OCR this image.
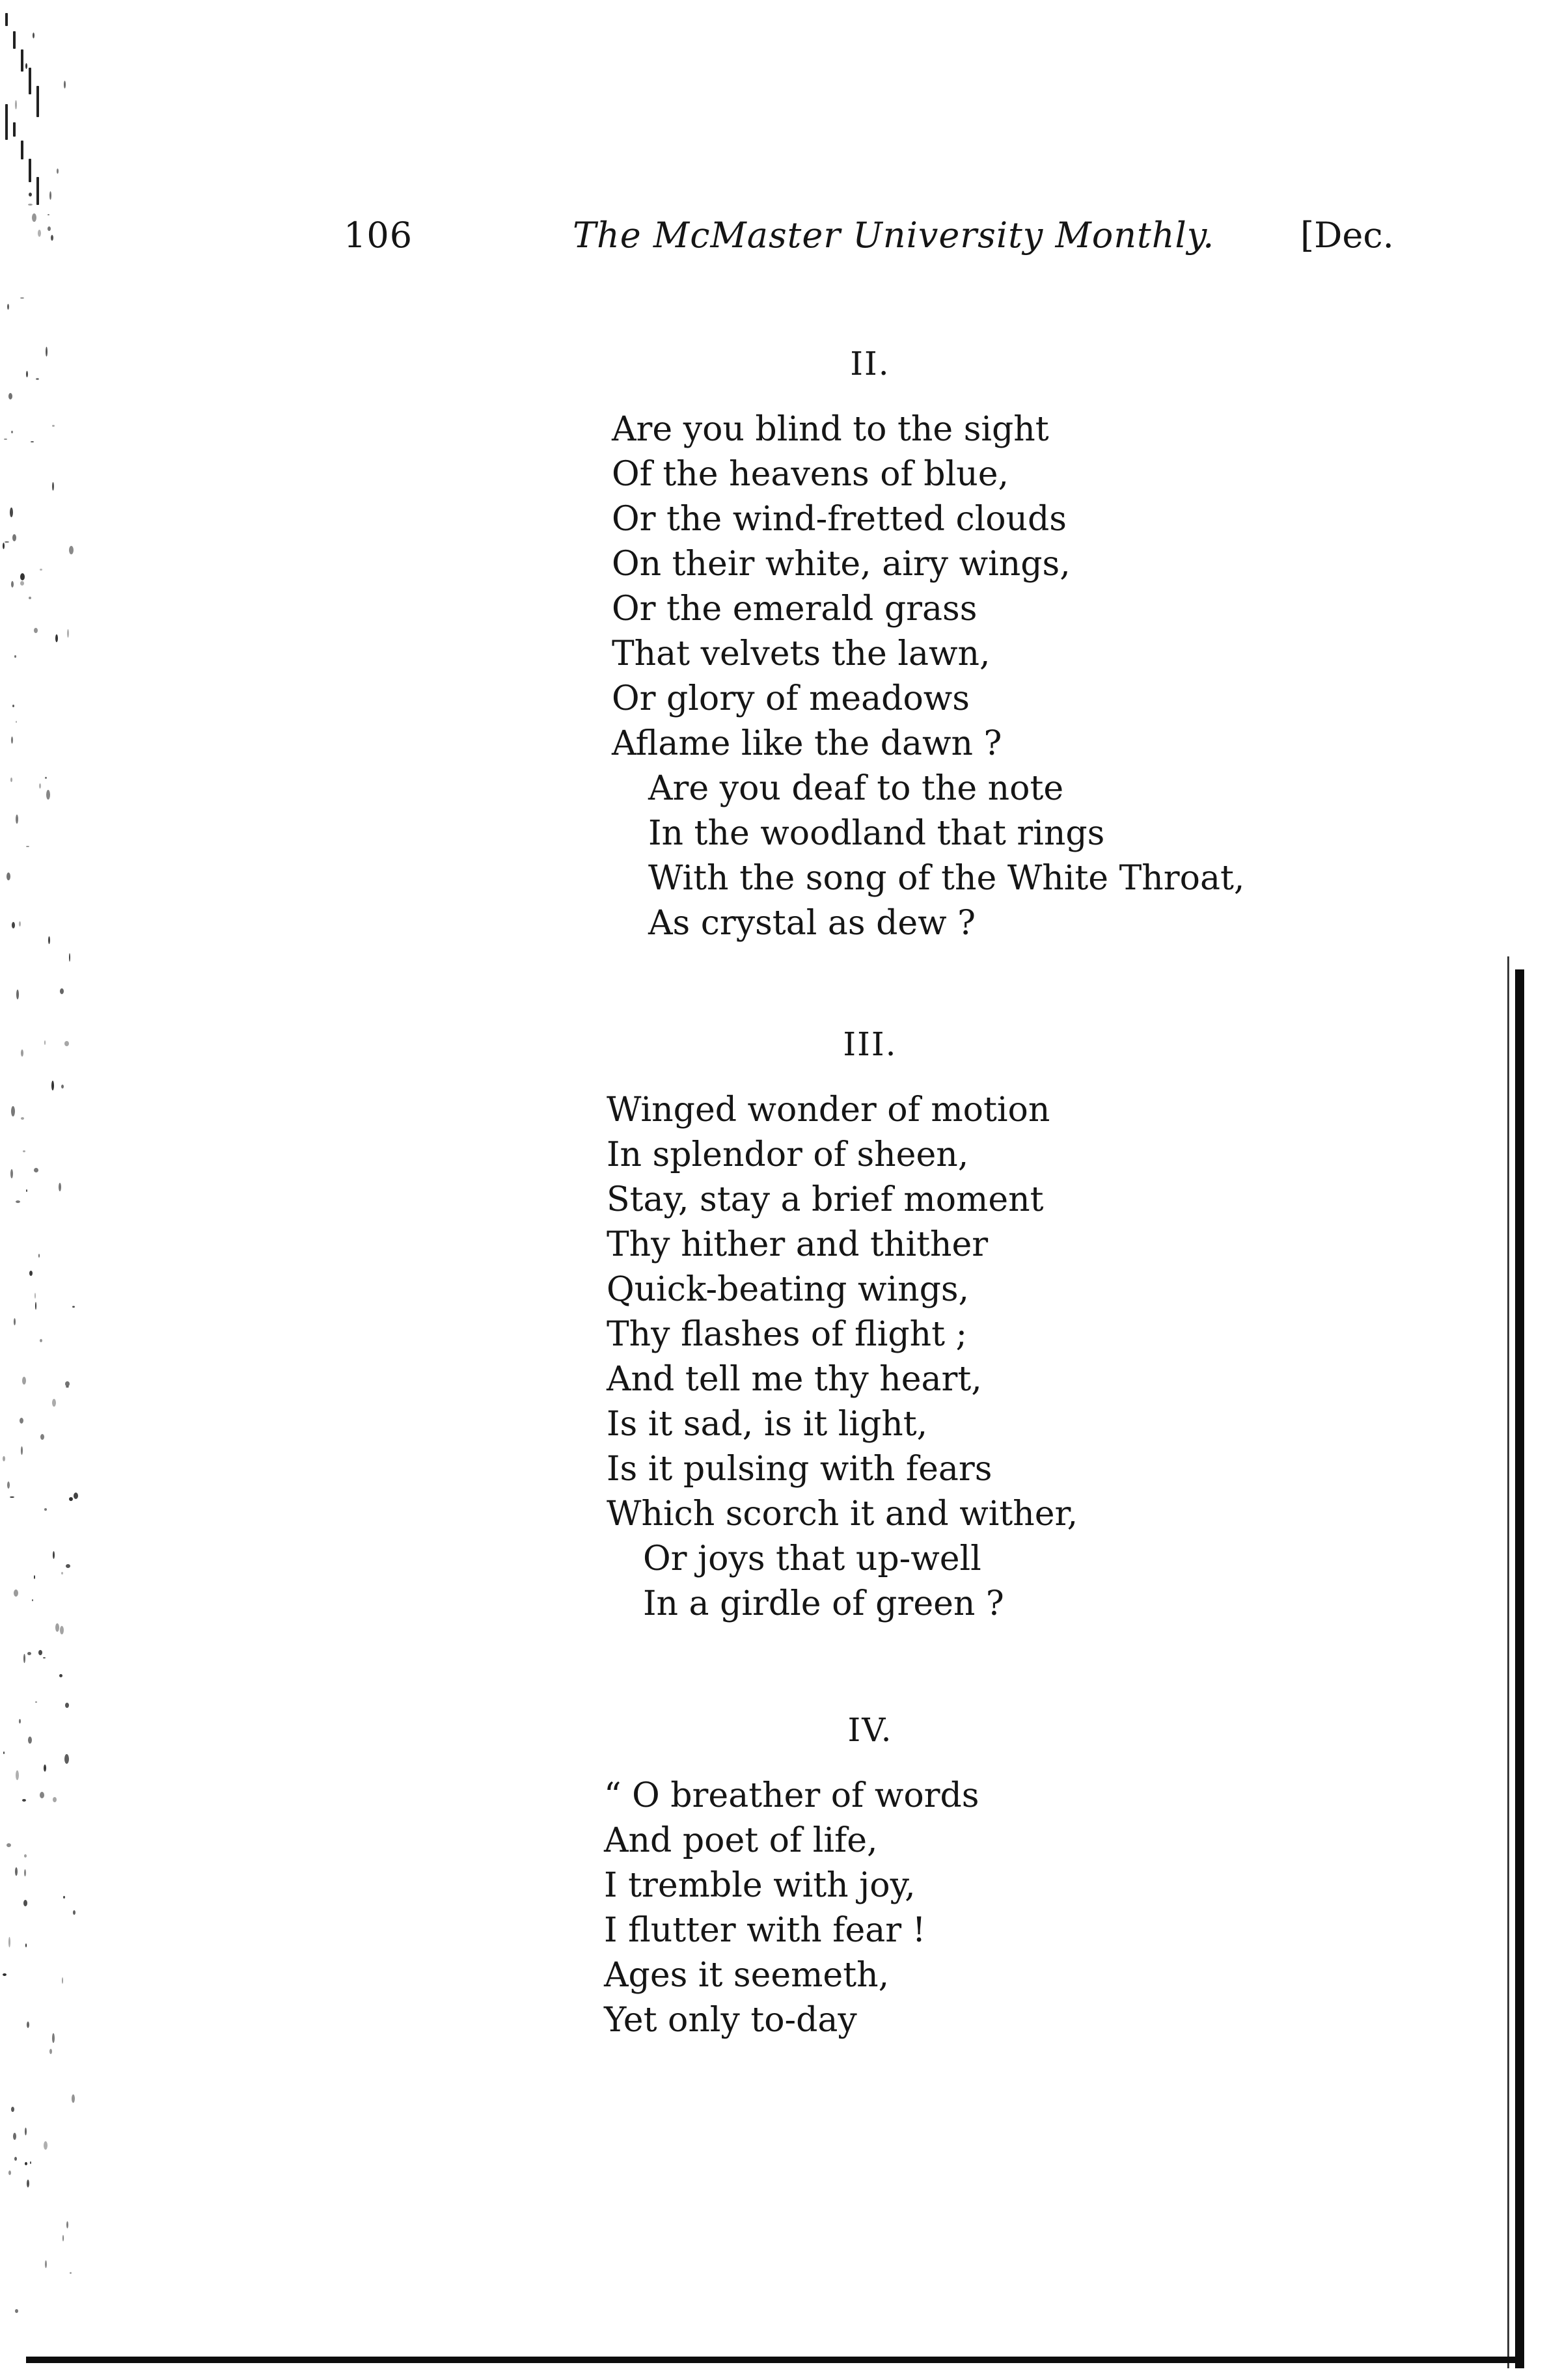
106	The McMaster University Monthly. [Dec.
II.
Are you blind to the sight
Of the heavens of blue,
Or the wind-fretted clouds
On their white, airy wings,
Or the emerald grass
That velvets the lawn,
Or glory of meadows
Aflame like the dawn ?
Are you deaf to the note
In the woodland that rings
With the song of the White Throat,
As crystal as dew ?
III.
Winged wonder of motion
In splendor of sheen,
Stay, stay a brief moment
Thy hither and thither
Quick-beating wings,
Thy flashes of flight ;
And tell me thy heart,
Is it sad, is it light,
Is it pulsing with fears
Which scorch it and wither,
Or joys that up-well
In a girdle of green ?
IV.
“ O breather of words
And poet of life,
I tremble with joy,
I flutter with fear !
Ages it seemeth,
Yet only to-day
